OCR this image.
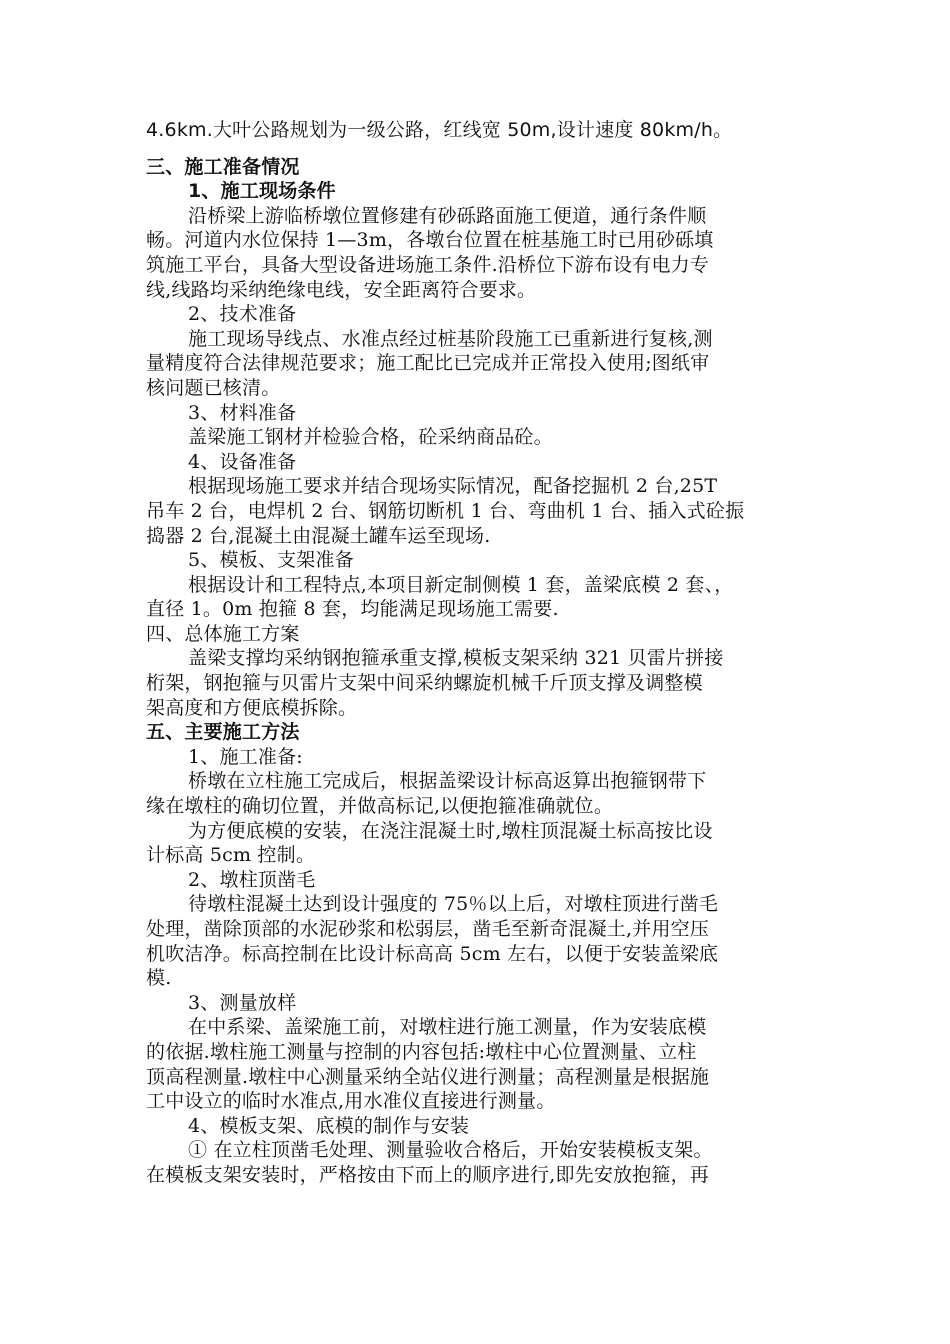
4.6km.大叶公路规划为一级公路，红线宽 50m,设计速度 80km/h。
三、施工准备情况
1、施工现场条件
沿桥梁上游临桥墩位置修建有砂砾路面施工便道，通行条件顺
畅。河道内水位保持 1—3m，各墩台位置在桩基施工时已用砂砾填
筑施工平台，具备大型设备进场施工条件.沿桥位下游布设有电力专
线,线路均采纳绝缘电线，安全距离符合要求。
2、技术准备
施工现场导线点、水准点经过桩基阶段施工已重新进行复核,测
量精度符合法律规范要求；施工配比已完成并正常投入使用;图纸审
核问题已核清。
3、材料准备
盖梁施工钢材并检验合格，砼采纳商品砼。
4、设备准备
根据现场施工要求并结合现场实际情况，配备挖掘机 2 台,25T
吊车 2 台，电焊机 2 台、钢筋切断机 1 台、弯曲机 1 台、插入式砼振
捣器 2 台,混凝土由混凝土罐车运至现场.
5、模板、支架准备
根据设计和工程特点,本项目新定制侧模 1 套，盖梁底模 2 套、，
直径 1。0m 抱箍 8 套，均能满足现场施工需要.
四、总体施工方案
盖梁支撑均采纳钢抱箍承重支撑,模板支架采纳 321 贝雷片拼接
桁架，钢抱箍与贝雷片支架中间采纳螺旋机械千斤顶支撑及调整模
架高度和方便底模拆除。
五、主要施工方法
1、施工准备:
桥墩在立柱施工完成后，根据盖梁设计标高返算出抱箍钢带下
缘在墩柱的确切位置，并做高标记,以便抱箍准确就位。
为方便底模的安装，在浇注混凝土时,墩柱顶混凝土标高按比设
计标高 5cm 控制。
2、墩柱顶凿毛
待墩柱混凝土达到设计强度的 75％以上后，对墩柱顶进行凿毛
处理，凿除顶部的水泥砂浆和松弱层，凿毛至新奇混凝土,并用空压
机吹洁净。标高控制在比设计标高高 5cm 左右，以便于安装盖梁底
模.
3、测量放样
在中系梁、盖梁施工前，对墩柱进行施工测量，作为安装底模
的依据.墩柱施工测量与控制的内容包括:墩柱中心位置测量、立柱
顶高程测量.墩柱中心测量采纳全站仪进行测量；高程测量是根据施
工中设立的临时水准点,用水准仪直接进行测量。
4、模板支架、底模的制作与安装
① 在立柱顶凿毛处理、测量验收合格后，开始安装模板支架。
在模板支架安装时，严格按由下而上的顺序进行,即先安放抱箍，再
